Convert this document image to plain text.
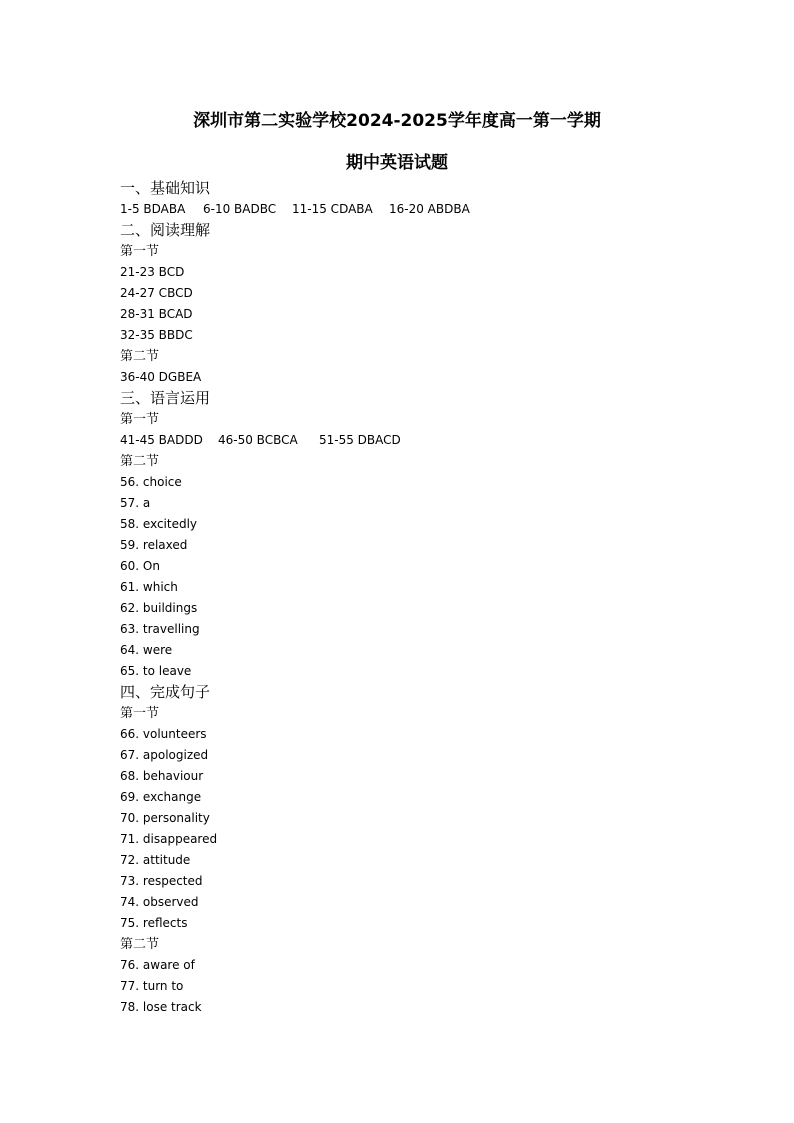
深圳市第二实验学校2024-2025学年度高一第一学期
期中英语试题
一、基础知识
1-5 BDABA 6-10 BADBC 11-15 CDABA 16-20 ABDBA
二、阅读理解
第一节
21-23 BCD
24-27 CBCD
28-31 BCAD
32-35 BBDC
第二节
36-40 DGBEA
三、语言运用
第一节
41-45 BADDD 46-50 BCBCA 51-55 DBACD
第二节
56. choice
57. a
58. excitedly
59. relaxed
60. On
61. which
62. buildings
63. travelling
64. were
65. to leave
四、完成句子
第一节
66. volunteers
67. apologized
68. behaviour
69. exchange
70. personality
71. disappeared
72. attitude
73. respected
74. observed
75. reflects
第二节
76. aware of
77. turn to
78. lose track
